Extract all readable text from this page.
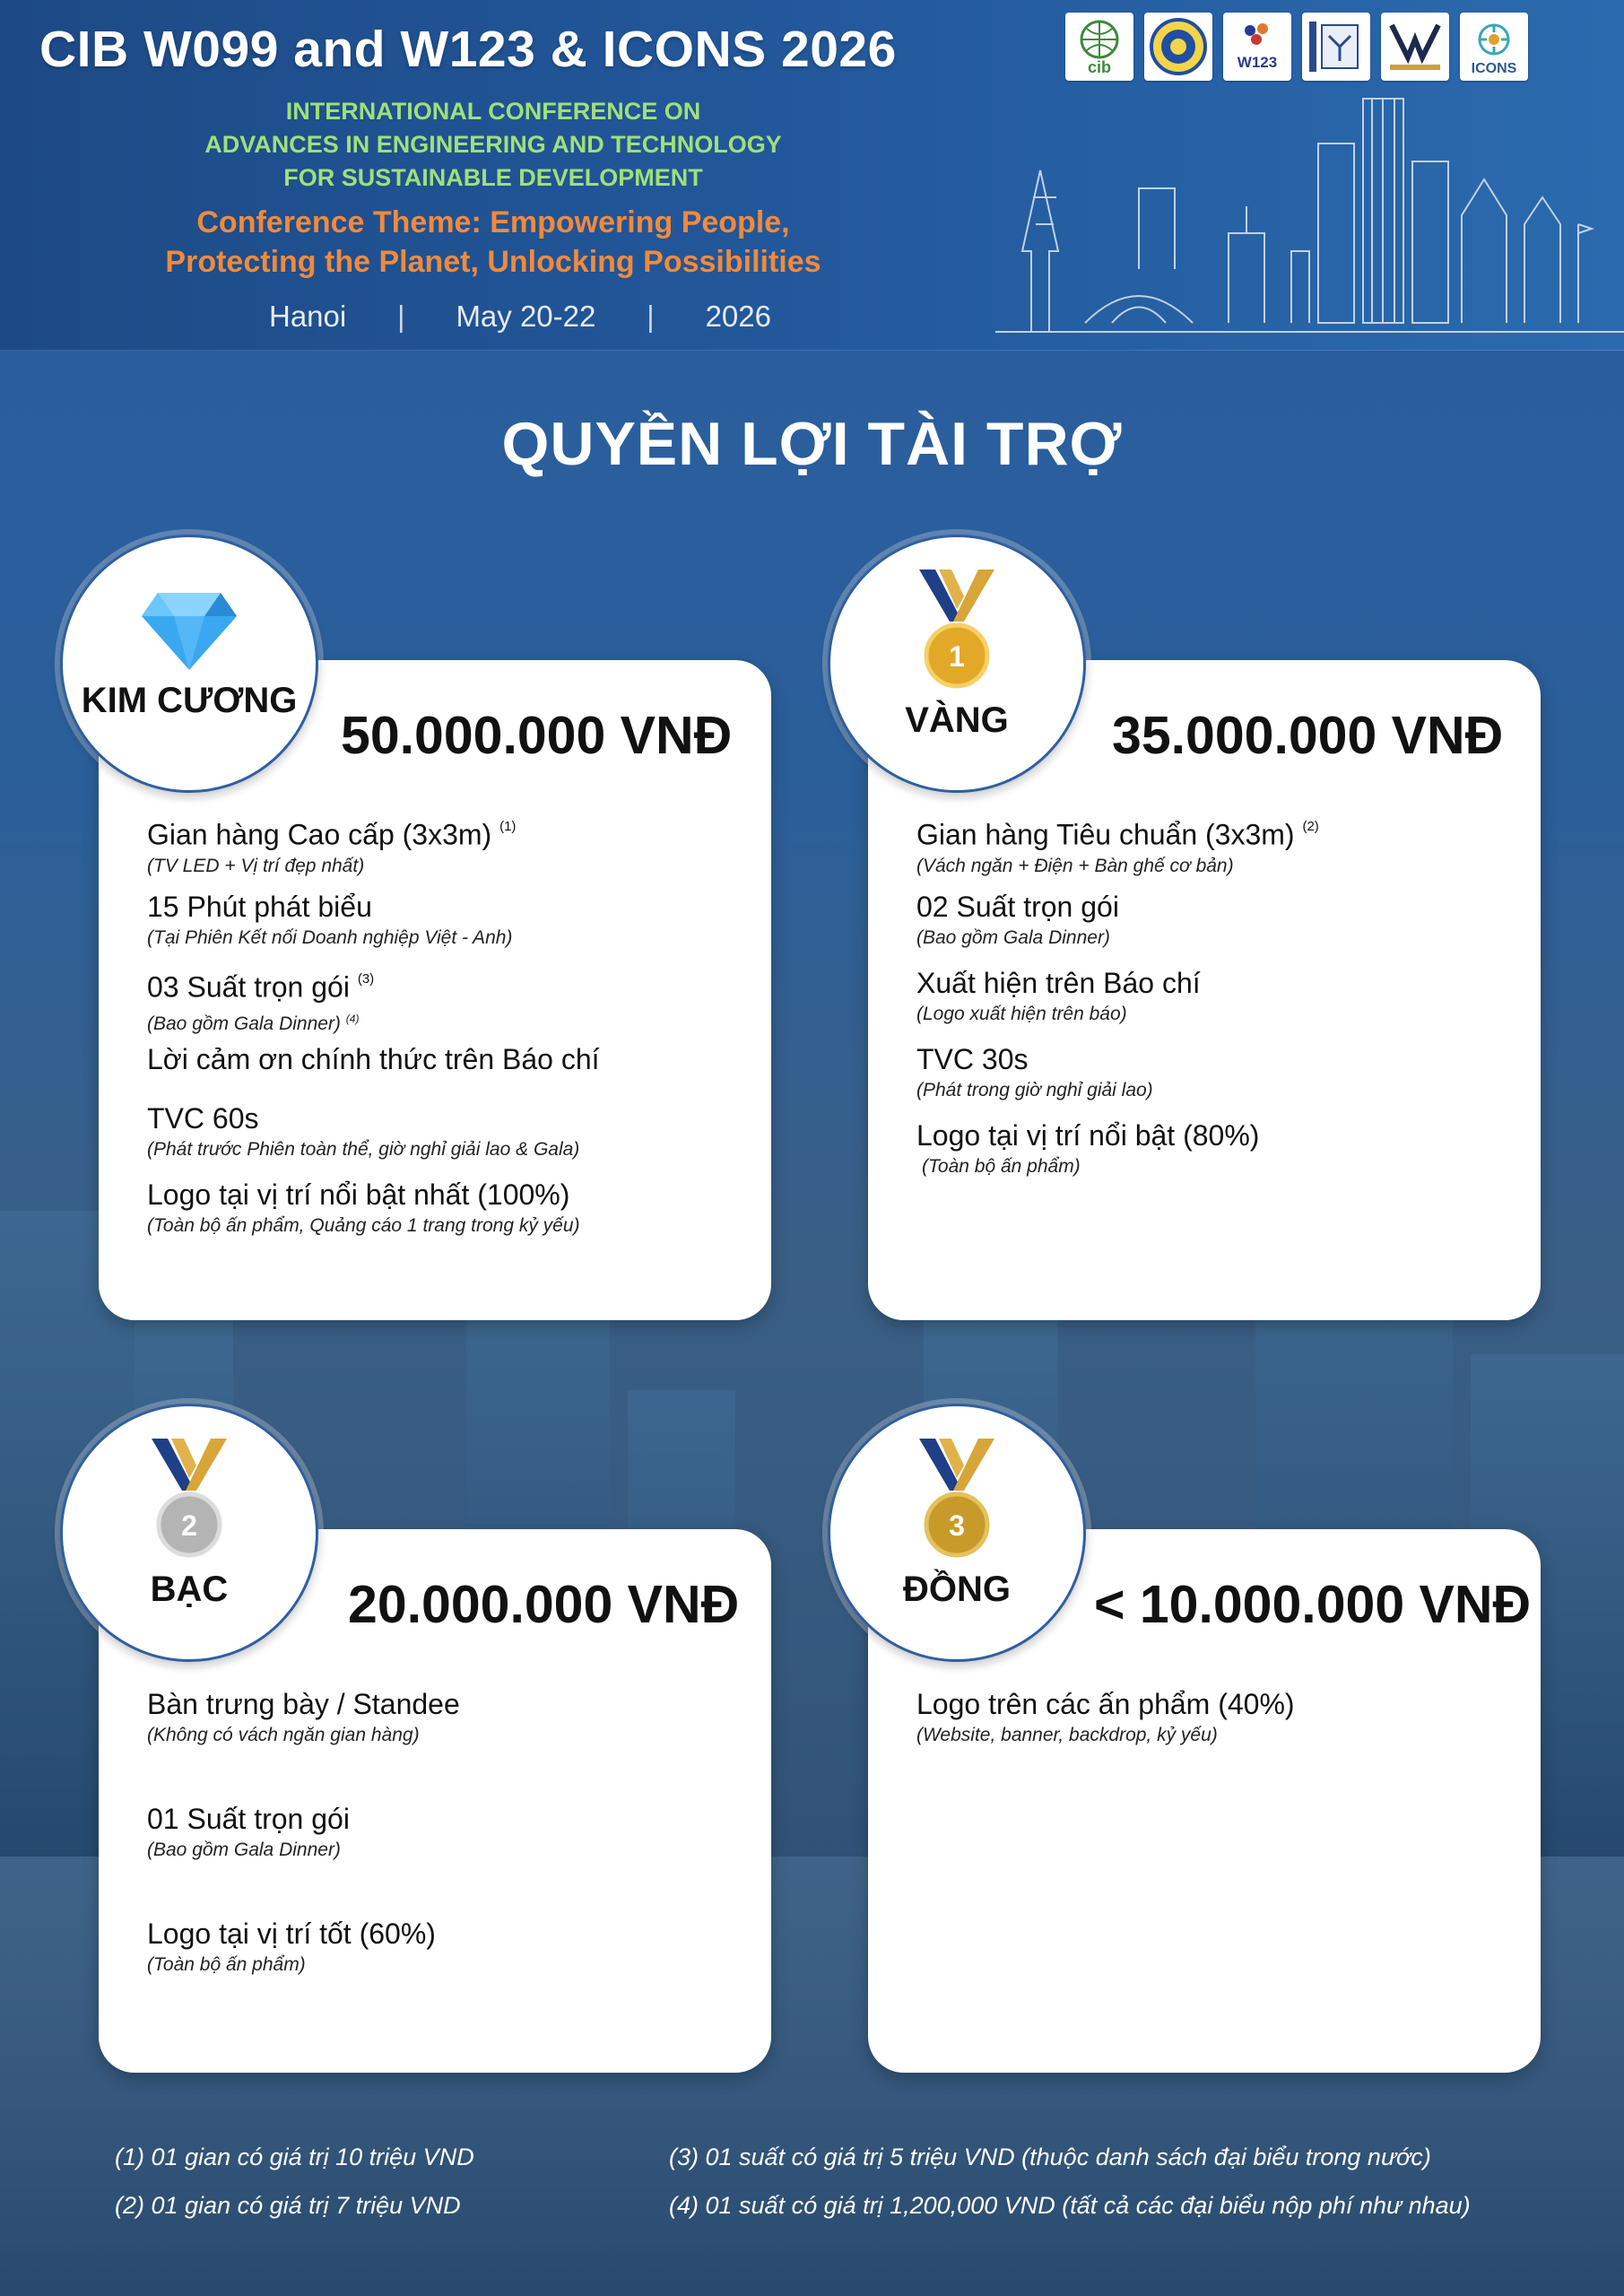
CIB W099 and W123 & ICONS 2026
INTERNATIONAL CONFERENCE ON
ADVANCES IN ENGINEERING AND TECHNOLOGY
FOR SUSTAINABLE DEVELOPMENT
Conference Theme: Empowering People,
Protecting the Planet, Unlocking Possibilities
Hanoi | May 20-22 | 2026
cib	W123	ICONS
QUYỀN LỢI TÀI TRỢ
50.000.000 VNĐ
Gian hàng Cao cấp (3x3m) $^{(1)}$
(TV LED + Vị trí đẹp nhất)
15 Phút phát biểu
(Tại Phiên Kết nối Doanh nghiệp Việt - Anh)
03 Suất trọn gói $^{(3)}$
(Bao gồm Gala Dinner) $^{(4)}$
Lời cảm ơn chính thức trên Báo chí
TVC 60s
(Phát trước Phiên toàn thể, giờ nghỉ giải lao & Gala)
Logo tại vị trí nổi bật nhất (100%)
(Toàn bộ ấn phẩm, Quảng cáo 1 trang trong kỷ yếu)
KIM CƯƠNG
35.000.000 VNĐ
Gian hàng Tiêu chuẩn (3x3m) $^{(2)}$
(Vách ngăn + Điện + Bàn ghế cơ bản)
02 Suất trọn gói
(Bao gồm Gala Dinner)
Xuất hiện trên Báo chí
(Logo xuất hiện trên báo)
TVC 30s
(Phát trong giờ nghỉ giải lao)
Logo tại vị trí nổi bật (80%)
(Toàn bộ ấn phẩm)
1
VÀNG
20.000.000 VNĐ
Bàn trưng bày / Standee
(Không có vách ngăn gian hàng)
01 Suất trọn gói
(Bao gồm Gala Dinner)
Logo tại vị trí tốt (60%)
(Toàn bộ ấn phẩm)
2
BẠC	< 10.000.000 VNĐ
Logo trên các ấn phẩm (40%)
(Website, banner, backdrop, kỷ yếu)
3
ĐỒNG
(1) 01 gian có giá trị 10 triệu VND
(2) 01 gian có giá trị 7 triệu VND
(3) 01 suất có giá trị 5 triệu VND (thuộc danh sách đại biểu trong nước)
(4) 01 suất có giá trị 1,200,000 VND (tất cả các đại biểu nộp phí như nhau)
